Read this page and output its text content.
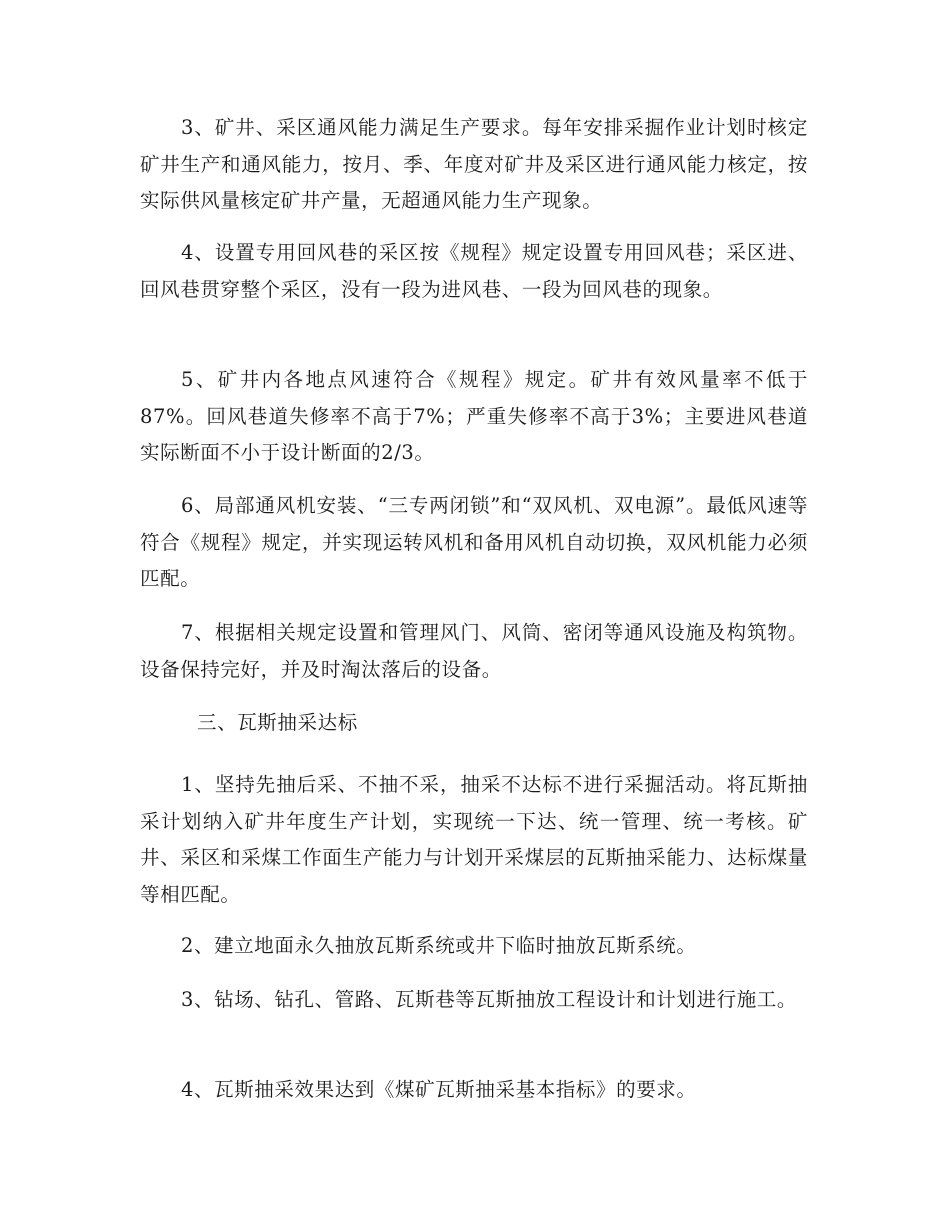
3、矿井、采区通风能力满足生产要求。每年安排采掘作业计划时核定矿井生产和通风能力，按月、季、年度对矿井及采区进行通风能力核定，按实际供风量核定矿井产量，无超通风能力生产现象。

4、设置专用回风巷的采区按《规程》规定设置专用回风巷；采区进、回风巷贯穿整个采区，没有一段为进风巷、一段为回风巷的现象。

5、矿井内各地点风速符合《规程》规定。矿井有效风量率不低于87%。回风巷道失修率不高于7%；严重失修率不高于3%；主要进风巷道实际断面不小于设计断面的2/3。

6、局部通风机安装、“三专两闭锁”和“双风机、双电源”。最低风速等符合《规程》规定，并实现运转风机和备用风机自动切换，双风机能力必须匹配。

7、根据相关规定设置和管理风门、风筒、密闭等通风设施及构筑物。设备保持完好，并及时淘汰落后的设备。

三、瓦斯抽采达标

1、坚持先抽后采、不抽不采，抽采不达标不进行采掘活动。将瓦斯抽采计划纳入矿井年度生产计划，实现统一下达、统一管理、统一考核。矿井、采区和采煤工作面生产能力与计划开采煤层的瓦斯抽采能力、达标煤量等相匹配。

2、建立地面永久抽放瓦斯系统或井下临时抽放瓦斯系统。

3、钻场、钻孔、管路、瓦斯巷等瓦斯抽放工程设计和计划进行施工。

4、瓦斯抽采效果达到《煤矿瓦斯抽采基本指标》的要求。
